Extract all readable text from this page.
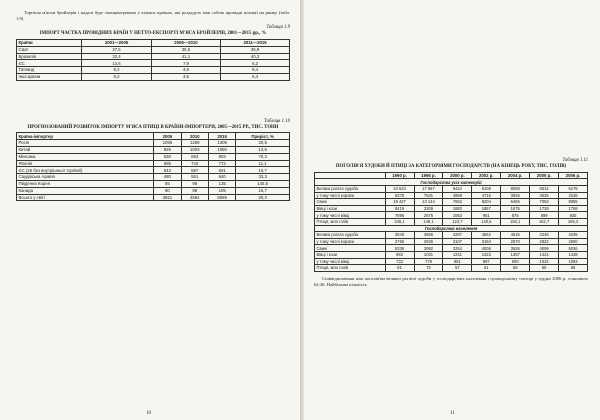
Торгівля м'ясом бройлерів і надалі буде сконцентрована у кількох країнах, які роздадуть між собою провідні позиції на ринку (табл. 1.9)

Таблиця 1.9
ІМПОРТ ЧАСТКА ПРОВІДНИХ КРАЇН У НЕТТО-ЕКСПОРТІ М'ЯСА БРОЙЛЕРІВ, 2001—2015 рр., %
Країни	2001—2005	2006—2010	2011—2015
США	37,5	35,5	35,9
Бразилія	32,4	41,1	40,3
ЄС	13,6	7,9	5,2
Таїланд	9,2	4,9	9,4
Інші країни	9,2	3,5	6,4
Таблиця 1.10
ПРОГНОЗОВАНИЙ РОЗВИТОК ІМПОРТУ М'ЯСА ПТИЦІ В КРАЇНИ-ІМПОРТЕРИ, 2005—2015 РР., ТИС. ТОНН
Країна-імпортер	2005	2010	2015	Приріст, %
Росія	1096	1259	1309	20,5
Китай	925	1003	1050	13,5
Мексика	530	693	903	70,3
Японія	695	742	772	11,1
ЄС (25 без внутрішньої торгівлі)	543	587	601	10,7
Саудівська Аравія	480	551	640	33,3
Південна Корея	55	98	135	145,5
Канада	90	98	105	16,7
Всього у світі	3921	4584	5069	29,3
10
Таблиця 1.11
ПОГОЛІВ'Я ХУДОБИ Й ПТИЦІ ЗА КАТЕГОРІЯМИ ГОСПОДАРСТВ (НА КІНЕЦЬ РОКУ, ТИС. ГОЛІВ)
	1990 р.	1995 р.	2000 р.	2002 р.	2004 р.	2005 р.	2006 р.
Господарства усіх категорій							
Велика рогата худоба	24 623	17 557	9424	9108	8093	6514	6175
у тому числі корови	8378	7531	4958	4716	3926	3635	3348
Свині	19 427	13 144	7652	9204	6466	7053	8055
Вівці і кози	8419	3209	1883	1857	1675	1728	1768
у тому числі вівці	7896	2875	1063	951	875	899	935
Птиця, млн голів	246,1	149,1	123,7	140,6	150,1	162,7	166,3
Господарства населення							
Велика рогата худоба	3540	3856	4287	4562	4515	4245	4235
у тому числі корови	2766	2936	3107	3194	2970	2822	2600
Свині	5336	3992	3254	4006	3626	4099	5036
Вівці і кози	992	1031	1241	1323	1357	1424	1448
у тому числі вівці	732	779	851	897	900	1034	1093
Птиця, млн голів	81	72	57	61	58	58	58

Співвідношення між поголів'ям великої рогатої худоби у господарствах населення і громадському секторі у грудні 2006 р. становило 64:36. Найбільша кількість

11
